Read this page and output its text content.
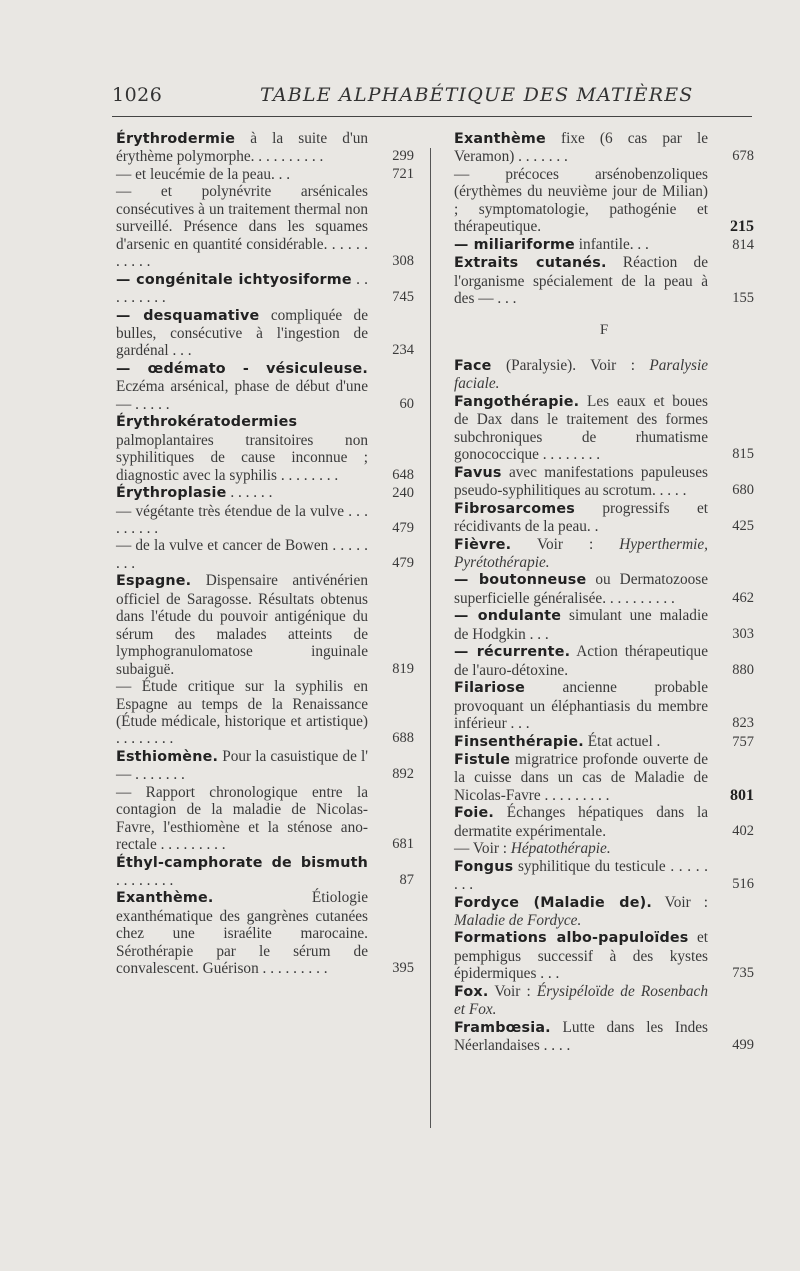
1026	TABLE ALPHABÉTIQUE DES MATIÈRES
Érythrodermie à la suite d'un érythème polymorphe. . . . . . . . . .	299
— et leucémie de la peau. . .	721
— et polynévrite arsénicales consécutives à un traitement thermal non surveillé. Présence dans les squames d'arsenic en quantité considérable. . . . . . . . . . .	308
— congénitale ichtyosiforme . . . . . . . . .	745
— desquamative compliquée de bulles, consécutive à l'ingestion de gardénal . . .	234
— œdémato - vésiculeuse. Eczéma arsénical, phase de début d'une — . . . . .	60
Érythrokératodermies palmoplantaires transitoires non syphilitiques de cause inconnue ; diagnostic avec la syphilis . . . . . . . .	648
Érythroplasie . . . . . .	240
— végétante très étendue de la vulve . . . . . . . . .	479
— de la vulve et cancer de Bowen . . . . . . . .	479
Espagne. Dispensaire antivénérien officiel de Saragosse. Résultats obtenus dans l'étude du pouvoir antigénique du sérum des malades atteints de lymphogranulomatose inguinale subaiguë.	819
— Étude critique sur la syphilis en Espagne au temps de la Renaissance (Étude médicale, historique et artistique) . . . . . . . .	688
Esthiomène. Pour la casuistique de l' — . . . . . . .	892
— Rapport chronologique entre la contagion de la maladie de Nicolas-Favre, l'esthiomène et la sténose ano-rectale . . . . . . . . .	681
Éthyl-camphorate de bismuth . . . . . . . .	87
Exanthème. Étiologie exanthématique des gangrènes cutanées chez une israélite marocaine. Sérothérapie par le sérum de convalescent. Guérison . . . . . . . . .	395
Exanthème fixe (6 cas par le Veramon) . . . . . . .	678
— précoces arsénobenzoliques (érythèmes du neuvième jour de Milian) ; symptomatologie, pathogénie et thérapeutique.	215
— miliariforme infantile. . .	814
Extraits cutanés. Réaction de l'organisme spécialement de la peau à des — . . .	155
F
Face (Paralysie). Voir : Paralysie faciale.
Fangothérapie. Les eaux et boues de Dax dans le traitement des formes subchroniques de rhumatisme gonococcique . . . . . . . .	815
Favus avec manifestations papuleuses pseudo-syphilitiques au scrotum. . . . .	680
Fibrosarcomes progressifs et récidivants de la peau. .	425
Fièvre. Voir : Hyperthermie, Pyrétothérapie.
— boutonneuse ou Dermatozoose superficielle généralisée. . . . . . . . . .	462
— ondulante simulant une maladie de Hodgkin . . .	303
— récurrente. Action thérapeutique de l'auro-détoxine.	880
Filariose ancienne probable provoquant un éléphantiasis du membre inférieur . . .	823
Finsenthérapie. État actuel .	757
Fistule migratrice profonde ouverte de la cuisse dans un cas de Maladie de Nicolas-Favre . . . . . . . . .	801
Foie. Échanges hépatiques dans la dermatite expérimentale.	402
— Voir : Hépatothérapie.
Fongus syphilitique du testicule . . . . . . . .	516
Fordyce (Maladie de). Voir : Maladie de Fordyce.
Formations albo-papuloïdes et pemphigus successif à des kystes épidermiques . . .	735
Fox. Voir : Érysipéloïde de Rosenbach et Fox.
Frambœsia. Lutte dans les Indes Néerlandaises . . . .	499
